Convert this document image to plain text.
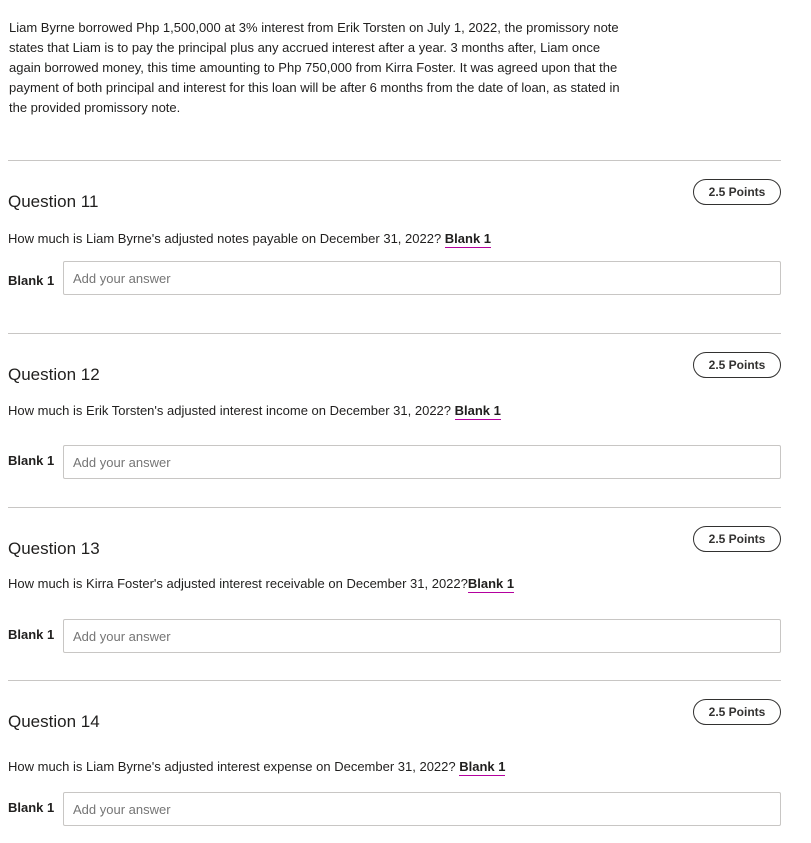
Liam Byrne borrowed Php 1,500,000 at 3% interest from Erik Torsten on July 1, 2022, the promissory note states that Liam is to pay the principal plus any accrued interest after a year. 3 months after, Liam once again borrowed money, this time amounting to Php 750,000 from Kirra Foster. It was agreed upon that the payment of both principal and interest for this loan will be after 6 months from the date of loan, as stated in the provided promissory note.
Question 11	2.5 Points
How much is Liam Byrne's adjusted notes payable on December 31, 2022? Blank 1
Blank 1
Add your answer
Question 12	2.5 Points
How much is Erik Torsten's adjusted interest income on December 31, 2022? Blank 1
Blank 1
Add your answer
Question 13	2.5 Points
How much is Kirra Foster's adjusted interest receivable on December 31, 2022?Blank 1
Blank 1
Add your answer
Question 14	2.5 Points
How much is Liam Byrne's adjusted interest expense on December 31, 2022? Blank 1
Blank 1
Add your answer
